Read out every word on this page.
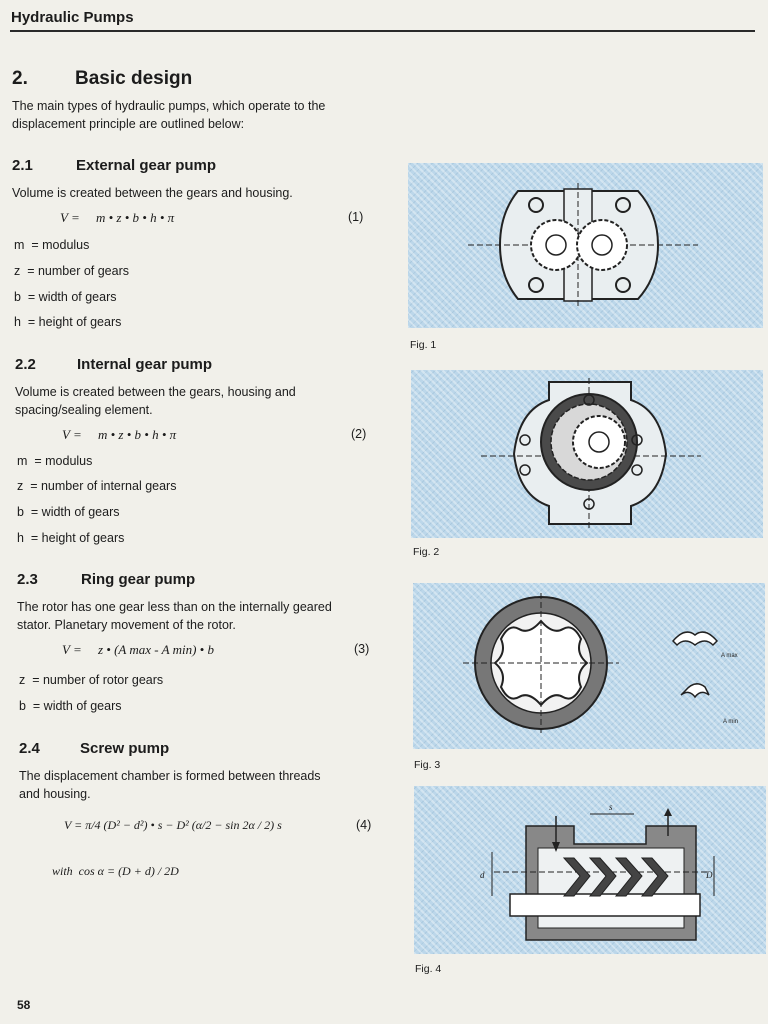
Hydraulic Pumps
2. Basic design
The main types of hydraulic pumps, which operate to the
displacement principle are outlined below:
2.1	External gear pump
Volume is created between the gears and housing.
V =     m • z • b • h • π	(1)
m  = modulus
z  = number of gears
b  = width of gears
h  = height of gears
2.2	Internal gear pump
Volume is created between the gears, housing and
spacing/sealing element.
V =     m • z • b • h • π	(2)
m  = modulus
z  = number of internal gears
b  = width of gears
h  = height of gears
2.3	Ring gear pump
The rotor has one gear less than on the internally geared
stator. Planetary movement of the rotor.
V =     z • (A max - A min) • b	(3)
z  = number of rotor gears
b  = width of gears
2.4	Screw pump
The displacement chamber is formed between threads
and housing.
V = π/4 (D² − d²) • s − D² (α/2 − sin 2α / 2) s	(4)
with  cos α = (D + d) / 2D
Fig. 1
Fig. 2
A max
A min
Fig. 3
s
d	D
Fig. 4
58
